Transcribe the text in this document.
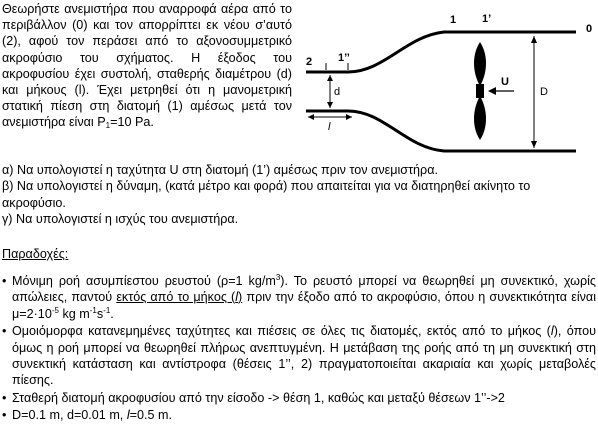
Θεωρήστε ανεμιστήρα που αναρροφά αέρα από το περιβάλλον (0) και τον απορρίπτει εκ νέου σ’αυτό (2), αφού τον περάσει από το αξονοσυμμετρικό ακροφύσιο του σχήματος. Η έξοδος του ακροφυσίου έχει συστολή, σταθερής διαμέτρου (d) και μήκους (l). Έχει μετρηθεί ότι η μανομετρική στατική πίεση στη διατομή (1) αμέσως μετά τον ανεμιστήρα είναι $P_1=10$ Pa.
1 1’
0
2 1’’
U
D
d
l

α) Να υπολογιστεί η ταχύτητα U στη διατομή (1’) αμέσως πριν τον ανεμιστήρα.

β) Να υπολογιστεί η δύναμη, (κατά μέτρο και φορά) που απαιτείται για να διατηρηθεί ακίνητο το ακροφύσιο.

γ) Να υπολογιστεί η ισχύς του ανεμιστήρα.

Παραδοχές:
• Μόνιμη ροή ασυμπίεστου ρευστού (ρ=1 $kg/m^3$). Το ρευστό μπορεί να θεωρηθεί μη συνεκτικό, χωρίς απώλειες, παντού εκτός από το μήκος (l) πριν την έξοδο από το ακροφύσιο, όπου η συνεκτικότητα είναι $\mu=2\cdot 10^{-5}$ kg $m^{-1}s^{-1}$.
• Ομοιόμορφα κατανεμημένες ταχύτητες και πιέσεις σε όλες τις διατομές, εκτός από το μήκος (l), όπου όμως η ροή μπορεί να θεωρηθεί πλήρως ανεπτυγμένη. Η μετάβαση της ροής από τη μη συνεκτική στη συνεκτική κατάσταση και αντίστροφα (θέσεις 1’’, 2) πραγματοποιείται ακαριαία και χωρίς μεταβολές πίεσης.
• Σταθερή διατομή ακροφυσίου από την είσοδο -> θέση 1, καθώς και μεταξύ θέσεων 1’’->2
• D=0.1 m, d=0.01 m, l=0.5 m.
